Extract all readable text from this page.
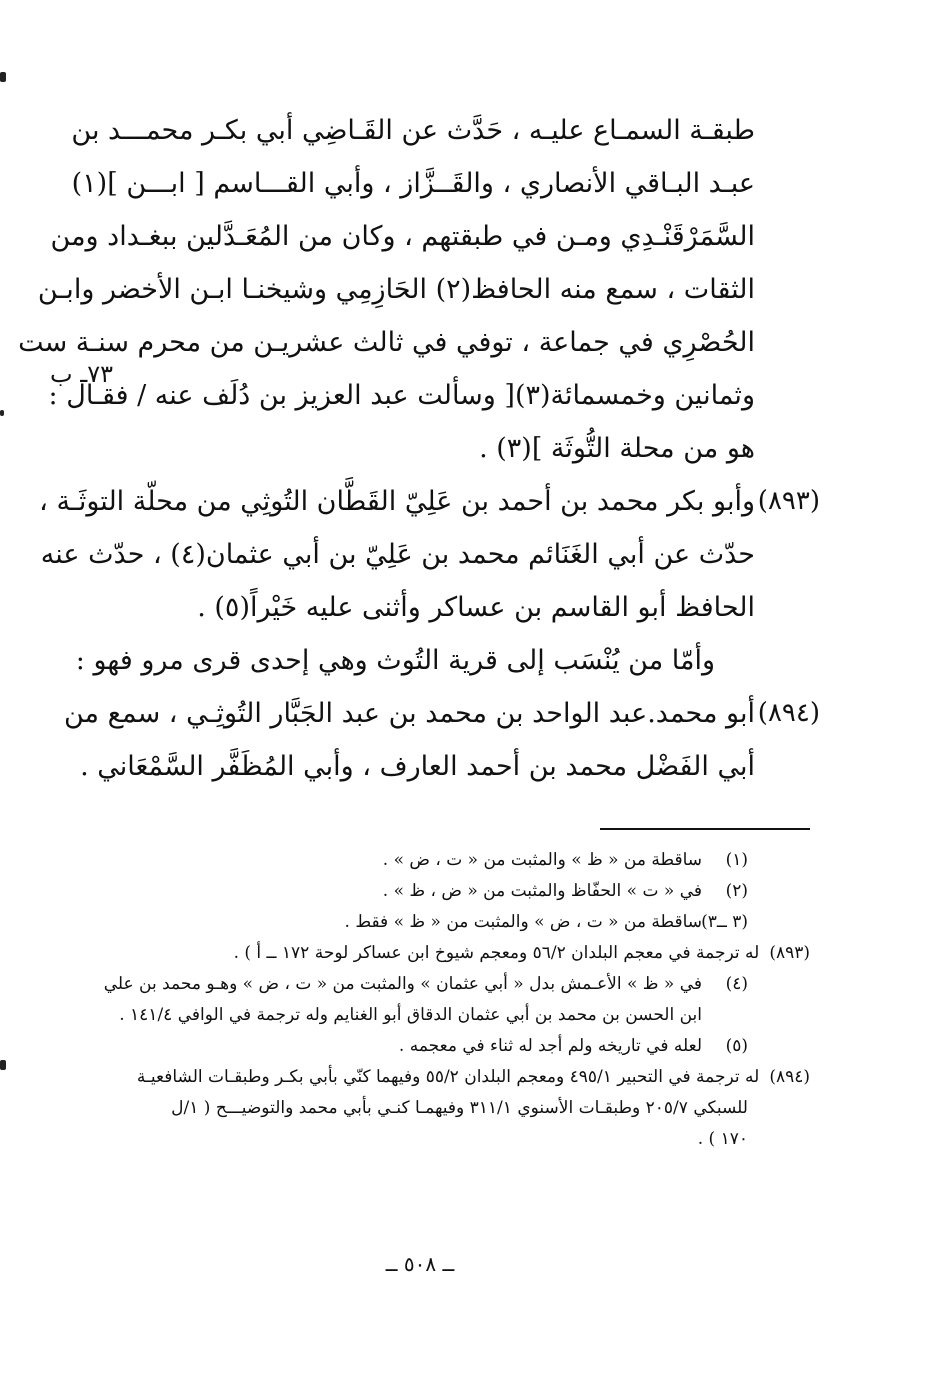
طبقـة السمـاع عليـه ، حَدَّث عن القَـاضِي أبي بكـر محمـــد بن
عبـد البـاقي الأنصاري ، والقَــزَّاز ، وأبي القـــاسم [ ابـــن ](١)
السَّمَرْقَنْـدِي ومـن في طبقتهم ، وكان من المُعَـدَّلين ببغـداد ومن
الثقات ، سمع منه الحافظ(٢) الحَازِمِي وشيخنـا ابـن الأخضر وابـن
الحُصْرِي في جماعة ، توفي في ثالث عشريـن من محرم سنـة ست
وثمانين وخمسمائة(٣)[ وسألت عبد العزيز بن دُلَف عنه / فقـال :
هو من محلة التُّوثَة ](٣) .
(٨٩٣)
وأبو بكر محمد بن أحمد بن عَلِيّ القَطَّان التُوثِي من محلّة التوثَـة ،
حدّث عن أبي الغَنَائم محمد بن عَلِيّ بن أبي عثمان(٤) ، حدّث عنه
الحافظ أبو القاسم بن عساكر وأثنى عليه خَيْراً(٥) .
وأمّا من يُنْسَب إلى قرية التُوث وهي إحدى قرى مرو فهو :
(٨٩٤)
أبو محمد.عبد الواحد بن محمد بن عبد الجَبَّار التُوثِـي ، سمع من
أبي الفَضْل محمد بن أحمد العارف ، وأبي المُظَفَّر السَّمْعَاني .
٧٣ـ ب
(١)ساقطة من « ظ » والمثبت من « ت ، ض » .
(٢)في « ت » الحفّاظ والمثبت من « ض ، ظ » .
(٣ ــ٣)ساقطة من « ت ، ض » والمثبت من « ظ » فقط .
(٨٩٣)له ترجمة في معجم البلدان ٥٦/٢ ومعجم شيوخ ابن عساكر لوحة ١٧٢ ــ أ ) .
(٤)في « ظ » الأعـمش بدل « أبي عثمان » والمثبت من « ت ، ض » وهـو محمد بن علي
ابن الحسن بن محمد بن أبي عثمان الدقاق أبو الغنايم وله ترجمة في الوافي ١٤١/٤ .
(٥)لعله في تاريخه ولم أجد له ثناء في معجمه .
(٨٩٤)له ترجمة في التحبير ٤٩٥/١ ومعجم البلدان ٥٥/٢ وفيهما كنّي بأبي بكـر وطبقـات الشافعيـة
للسبكي ٢٠٥/٧ وطبقـات الأسنوي ٣١١/١ وفيهمـا كنـي بأبي محمد والتوضيـــح ( ١/ل
١٧٠ ) .
ــ ٥٠٨ ــ
